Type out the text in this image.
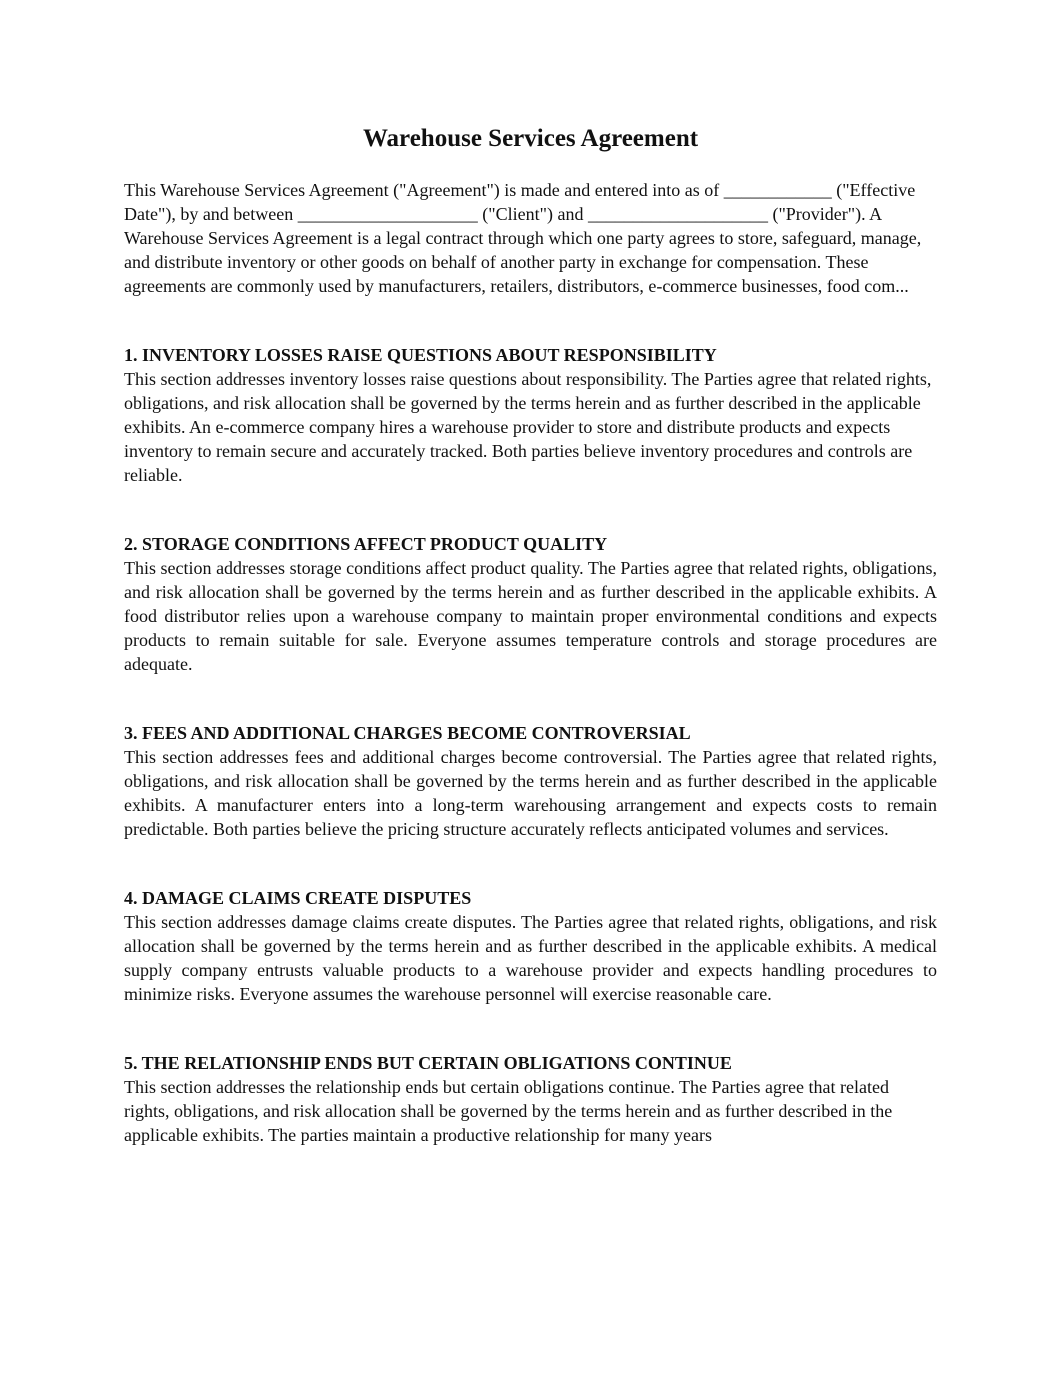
Warehouse Services Agreement

This Warehouse Services Agreement ("Agreement") is made and entered into as of ____________ ("Effective Date"), by and between ____________________ ("Client") and ____________________ ("Provider"). A Warehouse Services Agreement is a legal contract through which one party agrees to store, safeguard, manage, and distribute inventory or other goods on behalf of another party in exchange for compensation. These agreements are commonly used by manufacturers, retailers, distributors, e-commerce businesses, food com...

1. INVENTORY LOSSES RAISE QUESTIONS ABOUT RESPONSIBILITY

This section addresses inventory losses raise questions about responsibility. The Parties agree that related rights, obligations, and risk allocation shall be governed by the terms herein and as further described in the applicable exhibits. An e-commerce company hires a warehouse provider to store and distribute products and expects inventory to remain secure and accurately tracked. Both parties believe inventory procedures and controls are reliable.

2. STORAGE CONDITIONS AFFECT PRODUCT QUALITY

This section addresses storage conditions affect product quality. The Parties agree that related rights, obligations, and risk allocation shall be governed by the terms herein and as further described in the applicable exhibits. A food distributor relies upon a warehouse company to maintain proper environmental conditions and expects products to remain suitable for sale. Everyone assumes temperature controls and storage procedures are adequate.

3. FEES AND ADDITIONAL CHARGES BECOME CONTROVERSIAL

This section addresses fees and additional charges become controversial. The Parties agree that related rights, obligations, and risk allocation shall be governed by the terms herein and as further described in the applicable exhibits. A manufacturer enters into a long-term warehousing arrangement and expects costs to remain predictable. Both parties believe the pricing structure accurately reflects anticipated volumes and services.

4. DAMAGE CLAIMS CREATE DISPUTES

This section addresses damage claims create disputes. The Parties agree that related rights, obligations, and risk allocation shall be governed by the terms herein and as further described in the applicable exhibits. A medical supply company entrusts valuable products to a warehouse provider and expects handling procedures to minimize risks. Everyone assumes the warehouse personnel will exercise reasonable care.

5. THE RELATIONSHIP ENDS BUT CERTAIN OBLIGATIONS CONTINUE

This section addresses the relationship ends but certain obligations continue. The Parties agree that related rights, obligations, and risk allocation shall be governed by the terms herein and as further described in the applicable exhibits. The parties maintain a productive relationship for many years
